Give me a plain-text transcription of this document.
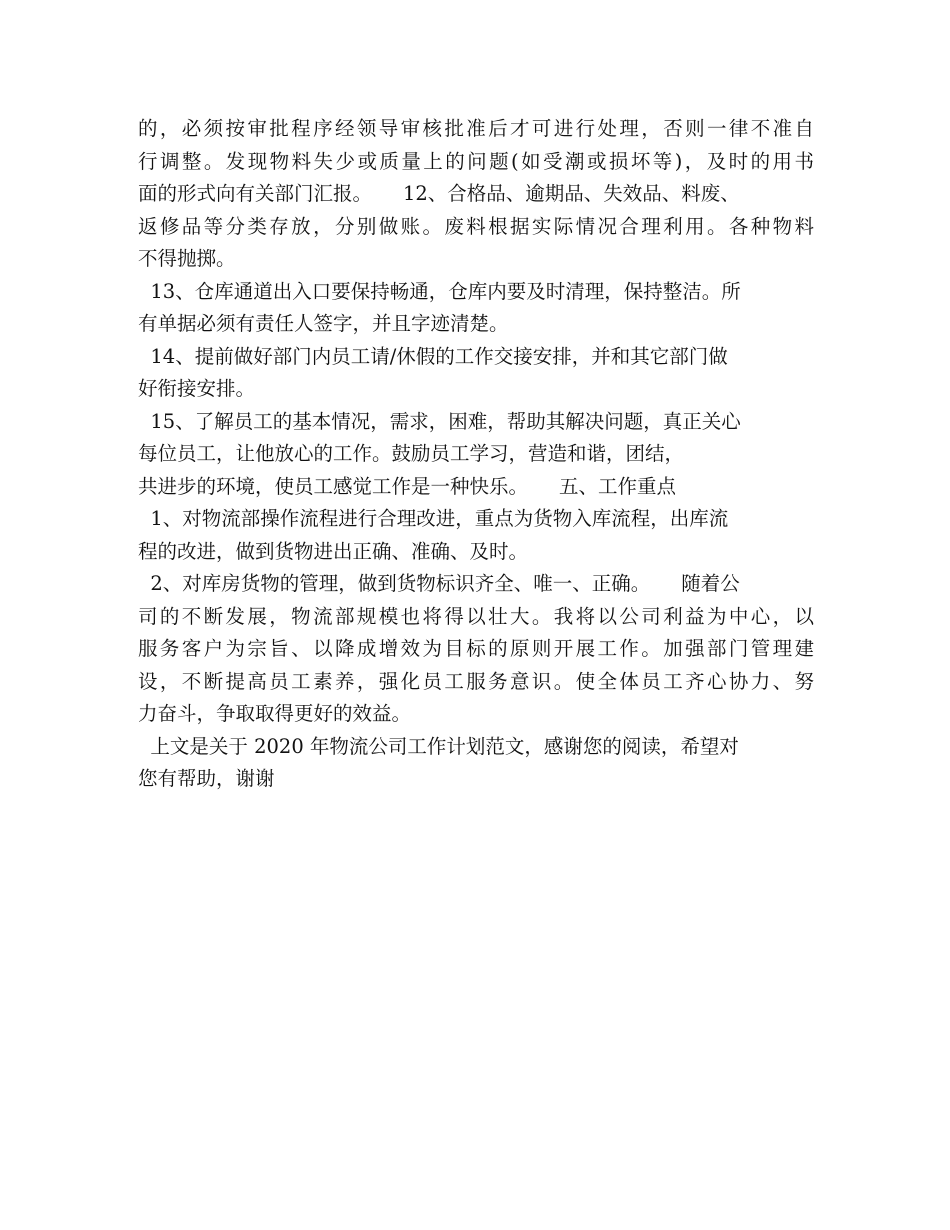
的，必须按审批程序经领导审核批准后才可进行处理，否则一律不准自
行调整。发现物料失少或质量上的问题(如受潮或损坏等)，及时的用书
面的形式向有关部门汇报。     12、合格品、逾期品、失效品、料废、
返修品等分类存放，分别做账。废料根据实际情况合理利用。各种物料
不得抛掷。
13、仓库通道出入口要保持畅通，仓库内要及时清理，保持整洁。所
有单据必须有责任人签字，并且字迹清楚。
14、提前做好部门内员工请/休假的工作交接安排，并和其它部门做
好衔接安排。
15、了解员工的基本情况，需求，困难，帮助其解决问题，真正关心
每位员工，让他放心的工作。鼓励员工学习，营造和谐，团结，
共进步的环境，使员工感觉工作是一种快乐。     五、工作重点
1、对物流部操作流程进行合理改进，重点为货物入库流程，出库流
程的改进，做到货物进出正确、准确、及时。
2、对库房货物的管理，做到货物标识齐全、唯一、正确。     随着公
司的不断发展，物流部规模也将得以壮大。我将以公司利益为中心，以
服务客户为宗旨、以降成增效为目标的原则开展工作。加强部门管理建
设，不断提高员工素养，强化员工服务意识。使全体员工齐心协力、努
力奋斗，争取取得更好的效益。
上文是关于 2020 年物流公司工作计划范文，感谢您的阅读，希望对
您有帮助，谢谢
